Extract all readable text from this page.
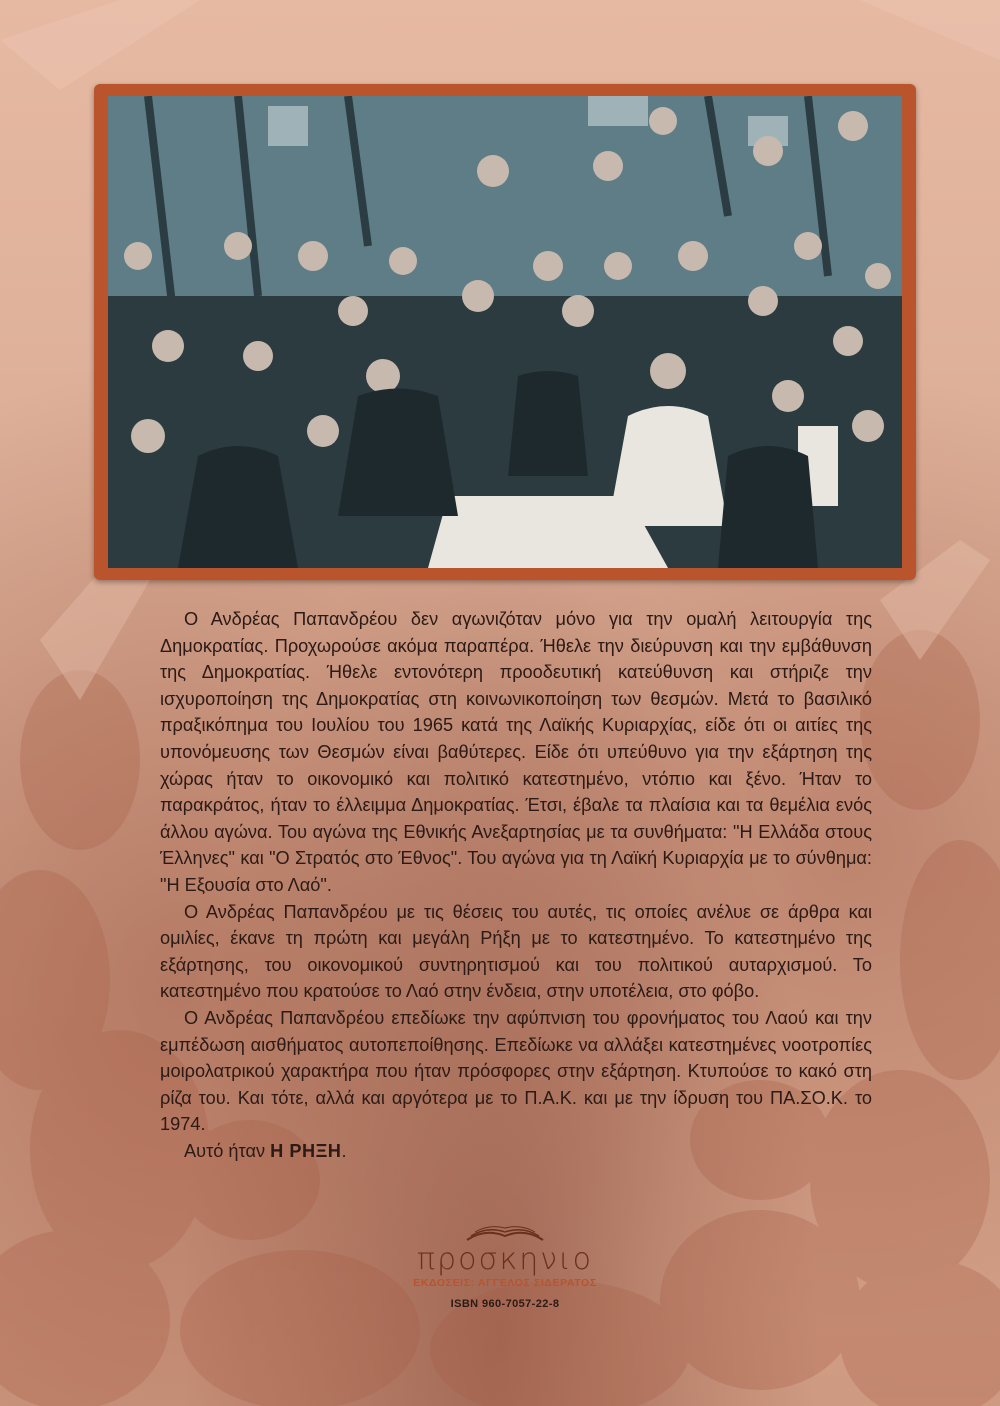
Ο Ανδρέας Παπανδρέου δεν αγωνιζόταν μόνο για την ομαλή λειτουργία της Δημοκρατίας. Προχωρούσε ακόμα παραπέρα. Ήθελε την διεύρυνση και την εμβάθυνση της Δημοκρατίας. Ήθελε εντονότερη προοδευτική κατεύθυνση και στήριζε την ισχυροποίηση της Δημοκρατίας στη κοινωνικοποίηση των θεσμών. Μετά το βασιλικό πραξικόπημα του Ιουλίου του 1965 κατά της Λαϊκής Κυριαρχίας, είδε ότι οι αιτίες της υπονόμευσης των Θεσμών είναι βαθύτερες. Είδε ότι υπεύθυνο για την εξάρτηση της χώρας ήταν το οικονομικό και πολιτικό κατεστημένο, ντόπιο και ξένο. Ήταν το παρακράτος, ήταν το έλλειμμα Δημοκρατίας. Έτσι, έβαλε τα πλαίσια και τα θεμέλια ενός άλλου αγώνα. Του αγώνα της Εθνικής Ανεξαρτησίας με τα συνθήματα: "Η Ελλάδα στους Έλληνες" και "Ο Στρατός στο Έθνος". Του αγώνα για τη Λαϊκή Κυριαρχία με το σύνθημα: "Η Εξουσία στο Λαό".

Ο Ανδρέας Παπανδρέου με τις θέσεις του αυτές, τις οποίες ανέλυε σε άρθρα και ομιλίες, έκανε τη πρώτη και μεγάλη Ρήξη με το κατεστημένο. Το κατεστημένο της εξάρτησης, του οικονομικού συντηρητισμού και του πολιτικού αυταρχισμού. Το κατεστημένο που κρατούσε το Λαό στην ένδεια, στην υποτέλεια, στο φόβο.

Ο Ανδρέας Παπανδρέου επεδίωκε την αφύπνιση του φρονήματος του Λαού και την εμπέδωση αισθήματος αυτοπεποίθησης. Επεδίωκε να αλλάξει κατεστημένες νοοτροπίες μοιρολατρικού χαρακτήρα που ήταν πρόσφορες στην εξάρτηση. Κτυπούσε το κακό στη ρίζα του. Και τότε, αλλά και αργότερα με το Π.Α.Κ. και με την ίδρυση του ΠΑ.ΣΟ.Κ. το 1974.

Αυτό ήταν Η ΡΗΞΗ.

προσκηνιο
ΕΚΔΟΣΕΙΣ: ΑΓΓΕΛΟΣ ΣΙΔΕΡΑΤΟΣ
ISBN 960-7057-22-8
